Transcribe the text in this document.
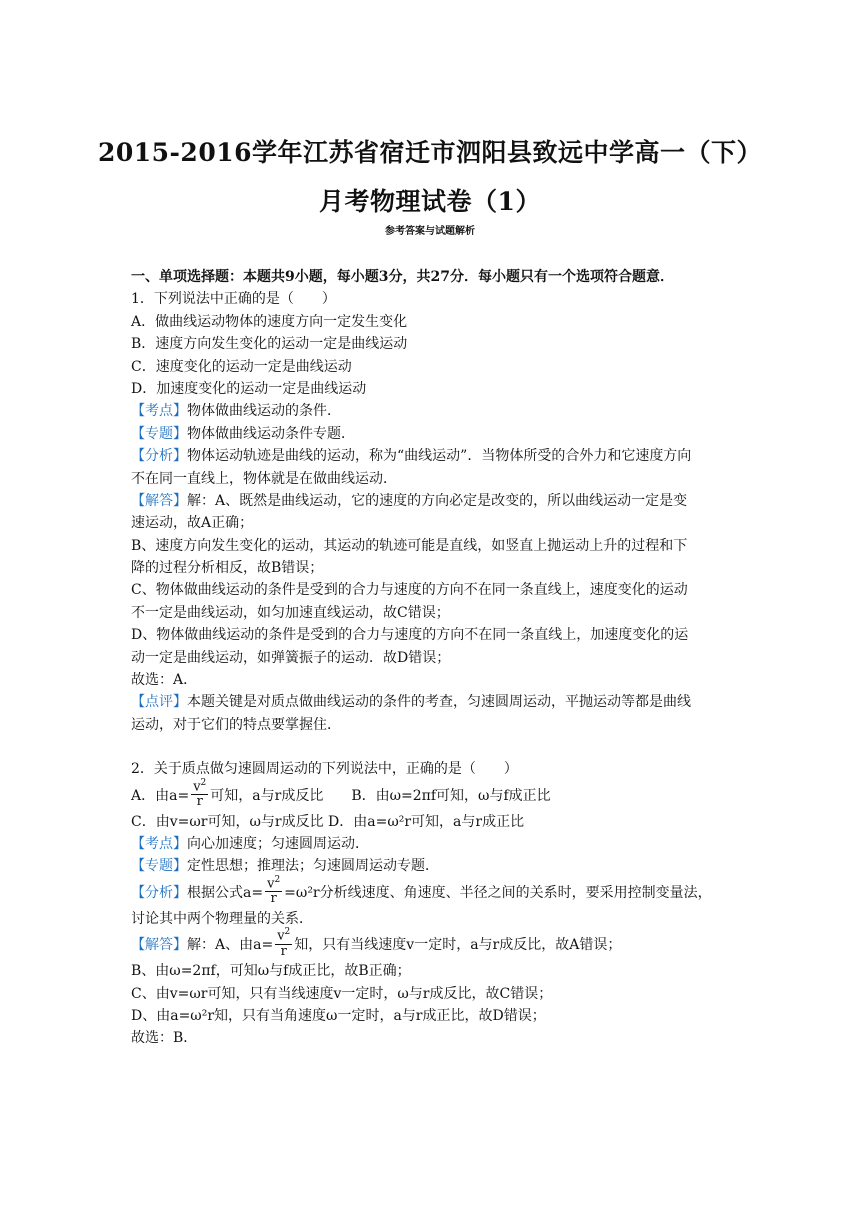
2015-2016学年江苏省宿迁市泗阳县致远中学高一（下）
月考物理试卷（1）
参考答案与试题解析
一、单项选择题：本题共9小题，每小题3分，共27分．每小题只有一个选项符合题意．
1．下列说法中正确的是（　　）
A．做曲线运动物体的速度方向一定发生变化
B．速度方向发生变化的运动一定是曲线运动
C．速度变化的运动一定是曲线运动
D．加速度变化的运动一定是曲线运动
【考点】物体做曲线运动的条件．
【专题】物体做曲线运动条件专题．
【分析】物体运动轨迹是曲线的运动，称为“曲线运动”．当物体所受的合外力和它速度方向
不在同一直线上，物体就是在做曲线运动．
【解答】解：A、既然是曲线运动，它的速度的方向必定是改变的，所以曲线运动一定是变
速运动，故A正确；
B、速度方向发生变化的运动，其运动的轨迹可能是直线，如竖直上抛运动上升的过程和下
降的过程分析相反，故B错误；
C、物体做曲线运动的条件是受到的合力与速度的方向不在同一条直线上，速度变化的运动
不一定是曲线运动，如匀加速直线运动，故C错误；
D、物体做曲线运动的条件是受到的合力与速度的方向不在同一条直线上，加速度变化的运
动一定是曲线运动，如弹簧振子的运动．故D错误；
故选：A．
【点评】本题关键是对质点做曲线运动的条件的考查，匀速圆周运动，平抛运动等都是曲线
运动，对于它们的特点要掌握住．
2．关于质点做匀速圆周运动的下列说法中，正确的是（　　）
A．由$a= \frac{v^2}{r}$ 可知，a与r成反比 B．由ω=2πf可知，ω与f成正比
C．由v=ωr可知，ω与r成反比 D．由a=ω²r可知，a与r成正比
【考点】向心加速度；匀速圆周运动．
【专题】定性思想；推理法；匀速圆周运动专题．
【分析】根据公式$a= \frac{v^2}{r} =\omega^2r$分析线速度、角速度、半径之间的关系时，要采用控制变量法，
讨论其中两个物理量的关系．
【解答】解：A、由$a= \frac{v^2}{r}$ 知，只有当线速度v一定时，a与r成反比，故A错误；
B、由ω=2πf，可知ω与f成正比，故B正确；
C、由v=ωr可知，只有当线速度v一定时，ω与r成反比，故C错误；
D、由a=ω²r知，只有当角速度ω一定时，a与r成正比，故D错误；
故选：B．
